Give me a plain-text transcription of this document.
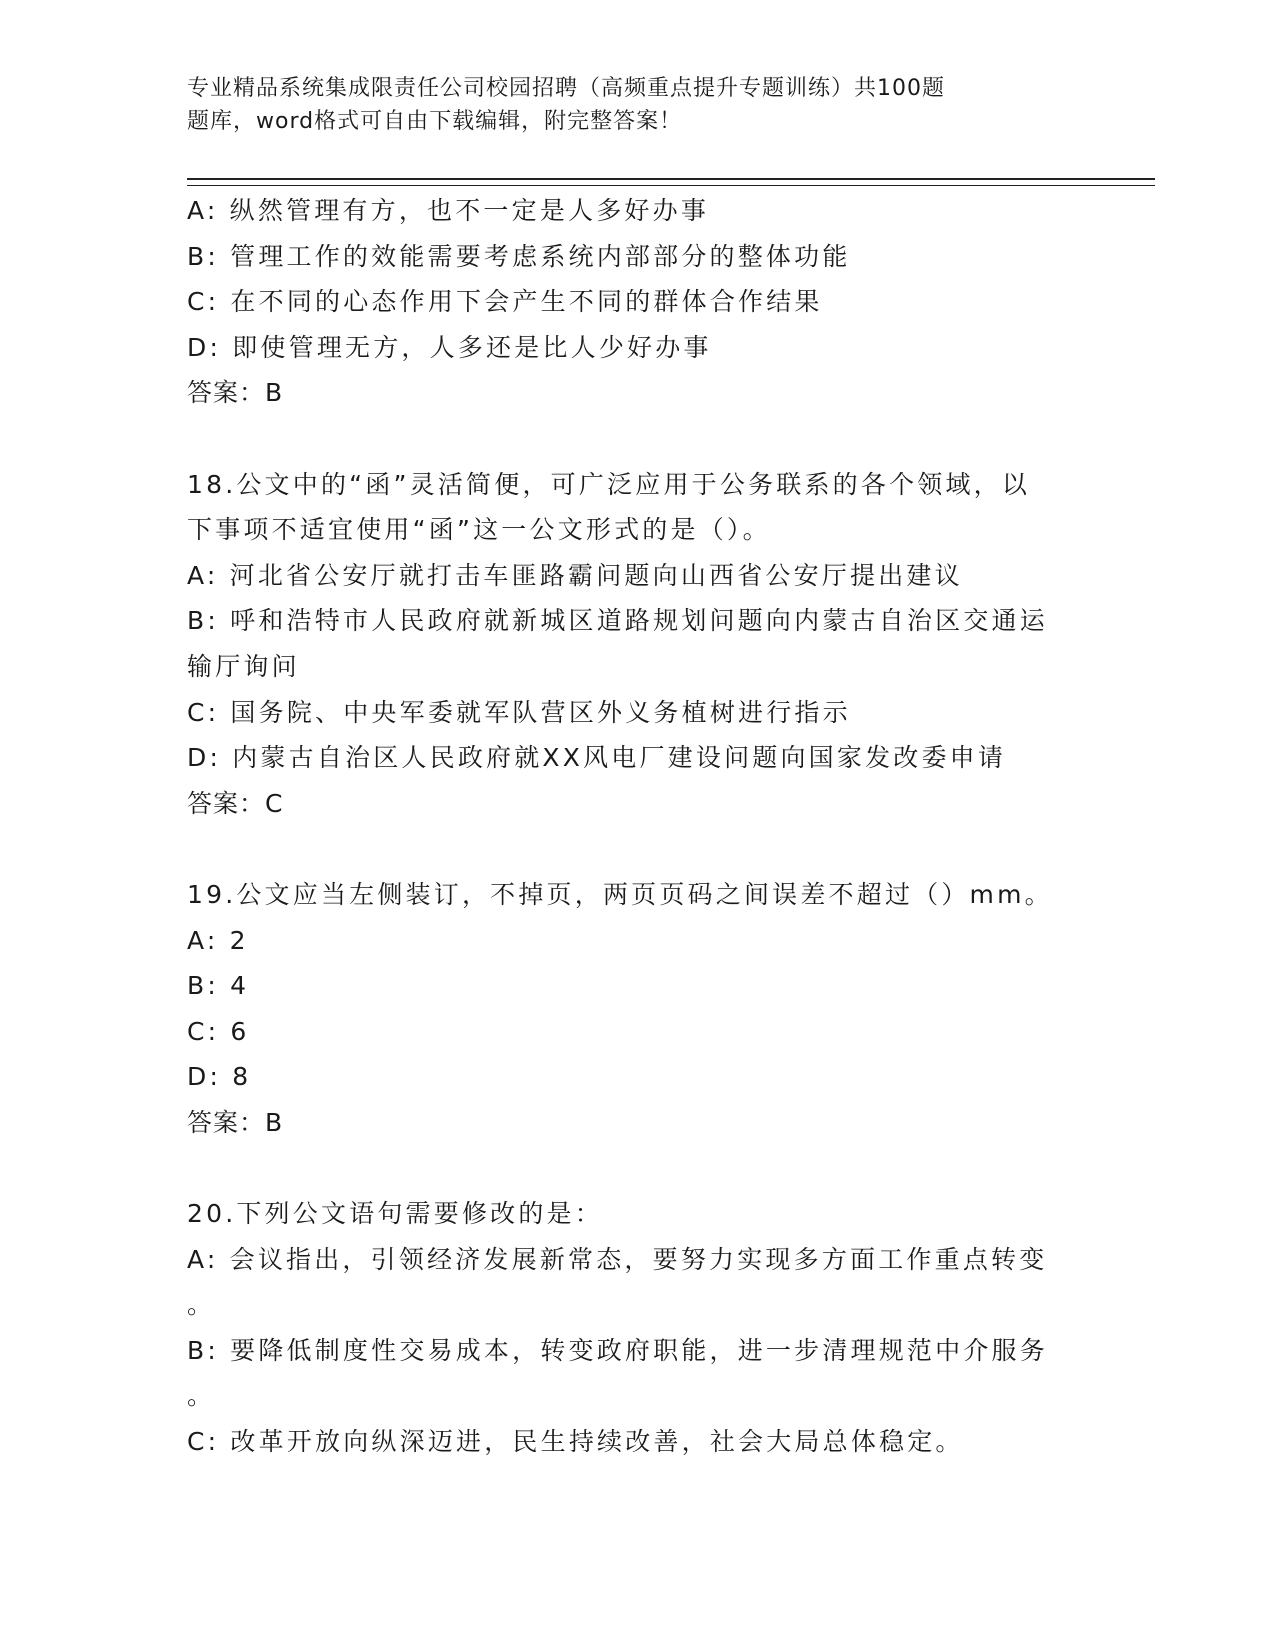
专业精品系统集成限责任公司校园招聘（高频重点提升专题训练）共100题
题库，word格式可自由下载编辑，附完整答案！
A: 纵然管理有方，也不一定是人多好办事
B: 管理工作的效能需要考虑系统内部部分的整体功能
C: 在不同的心态作用下会产生不同的群体合作结果
D: 即使管理无方，人多还是比人少好办事
答案：B
18.公文中的“函”灵活简便，可广泛应用于公务联系的各个领域，以
下事项不适宜使用“函”这一公文形式的是（）。
A: 河北省公安厅就打击车匪路霸问题向山西省公安厅提出建议
B: 呼和浩特市人民政府就新城区道路规划问题向内蒙古自治区交通运
输厅询问
C: 国务院、中央军委就军队营区外义务植树进行指示
D: 内蒙古自治区人民政府就XX风电厂建设问题向国家发改委申请
答案：C
19.公文应当左侧装订，不掉页，两页页码之间误差不超过（）mm。
A: 2
B: 4
C: 6
D: 8
答案：B
20.下列公文语句需要修改的是：
A: 会议指出，引领经济发展新常态，要努力实现多方面工作重点转变
。
B: 要降低制度性交易成本，转变政府职能，进一步清理规范中介服务
。
C: 改革开放向纵深迈进，民生持续改善，社会大局总体稳定。
